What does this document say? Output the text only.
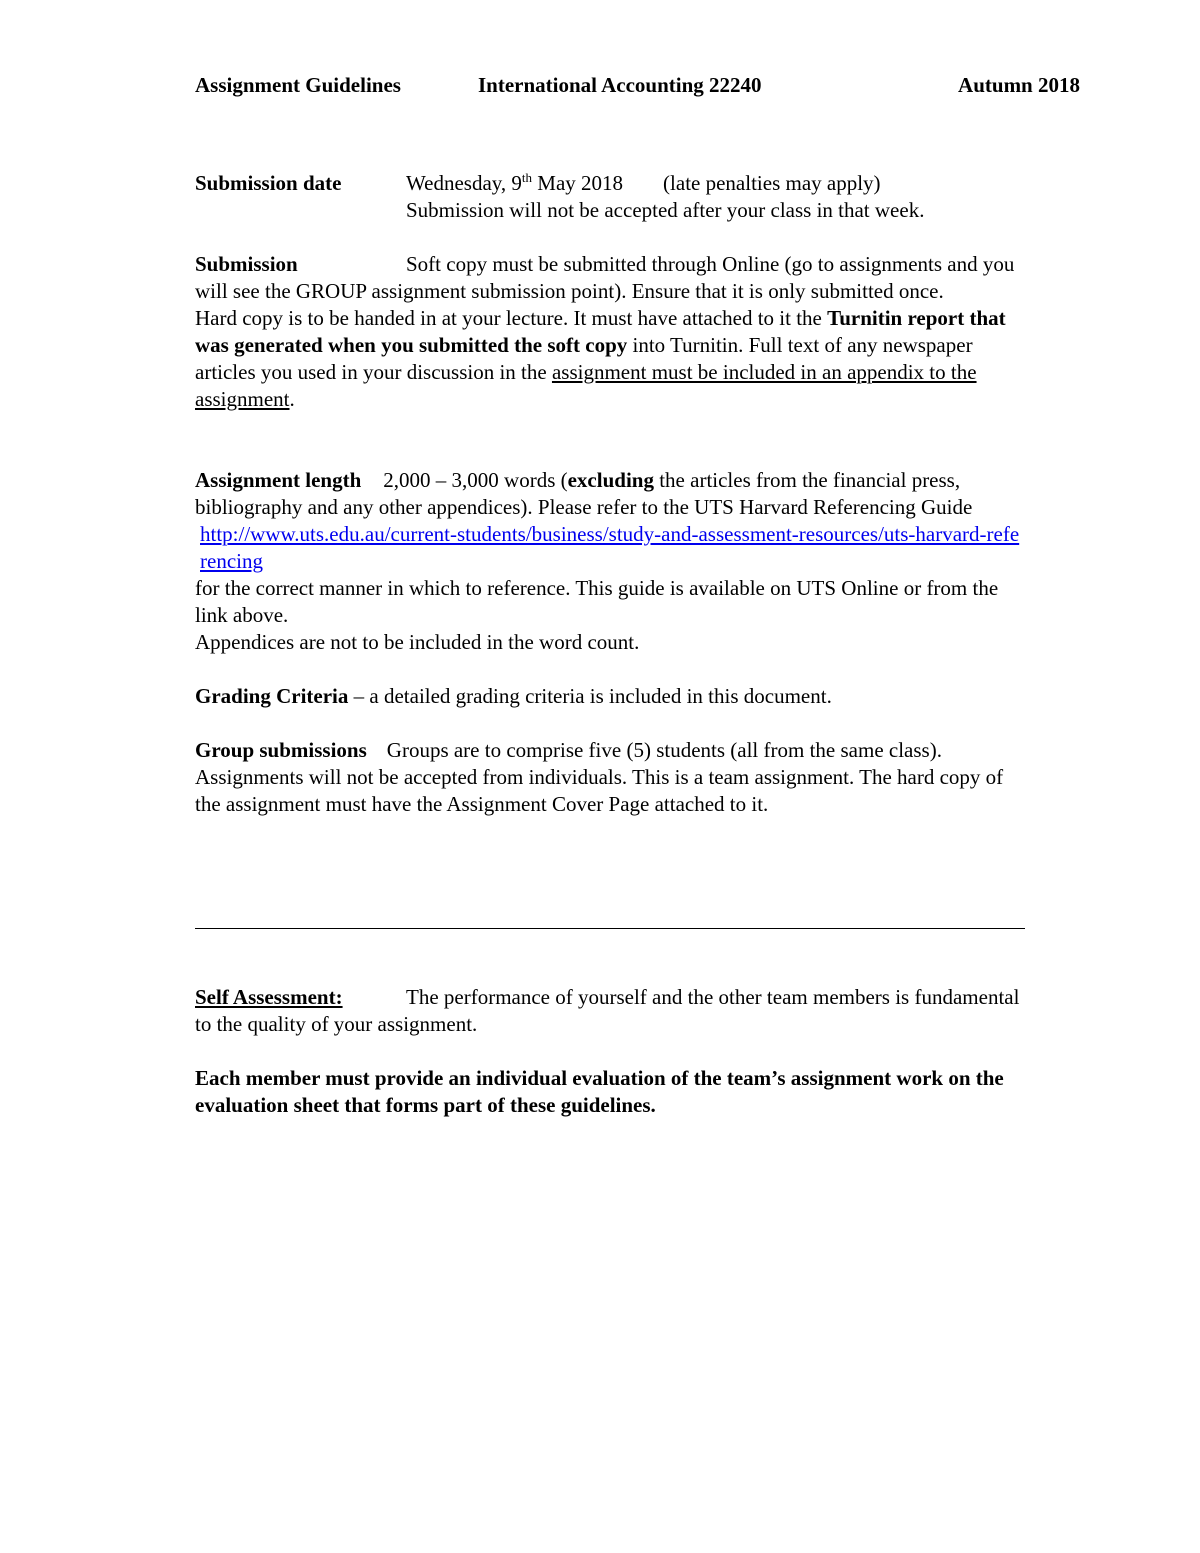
Assignment Guidelines	International Accounting 22240	Autumn 2018

Submission date	Wednesday, 9th May 2018 (late penalties may apply)

Submission will not be accepted after your class in that week.

Submission	Soft copy must be submitted through Online (go to assignments and you will see the GROUP assignment submission point). Ensure that it is only submitted once.

Hard copy is to be handed in at your lecture. It must have attached to it the Turnitin report that was generated when you submitted the soft copy into Turnitin. Full text of any newspaper articles you used in your discussion in the assignment must be included in an appendix to the assignment.

Assignment length 2,000 – 3,000 words (excluding the articles from the financial press, bibliography and any other appendices). Please refer to the UTS Harvard Referencing Guide

http://www.uts.edu.au/current-students/business/study-and-assessment-resources/uts-harvard-referencing

for the correct manner in which to reference. This guide is available on UTS Online or from the link above.

Appendices are not to be included in the word count.

Grading Criteria – a detailed grading criteria is included in this document.

Group submissions Groups are to comprise five (5) students (all from the same class). Assignments will not be accepted from individuals. This is a team assignment. The hard copy of the assignment must have the Assignment Cover Page attached to it.

Self Assessment:	The performance of yourself and the other team members is fundamental to the quality of your assignment.

Each member must provide an individual evaluation of the team’s assignment work on the evaluation sheet that forms part of these guidelines.
